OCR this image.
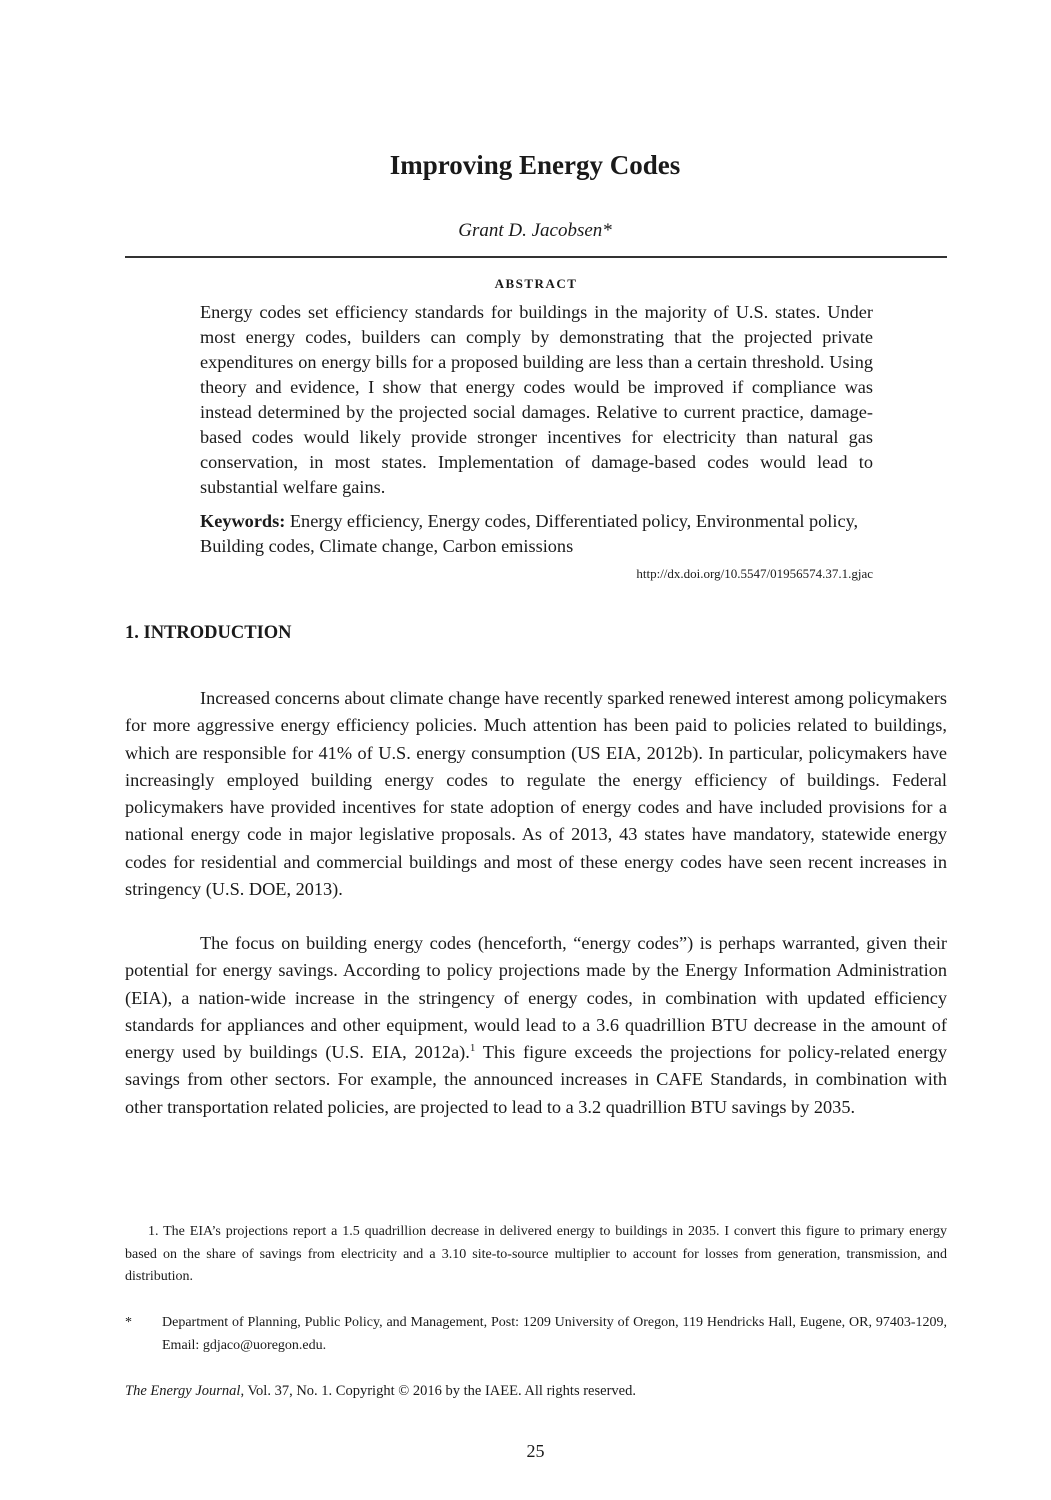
Improving Energy Codes

Grant D. Jacobsen*

ABSTRACT

Energy codes set efficiency standards for buildings in the majority of U.S. states. Under most energy codes, builders can comply by demonstrating that the projected private expenditures on energy bills for a proposed building are less than a certain threshold. Using theory and evidence, I show that energy codes would be improved if compliance was instead determined by the projected social damages. Relative to current practice, damage-based codes would likely provide stronger incentives for electricity than natural gas conservation, in most states. Implementation of damage-based codes would lead to substantial welfare gains.

Keywords: Energy efficiency, Energy codes, Differentiated policy, Environmental policy, Building codes, Climate change, Carbon emissions

http://dx.doi.org/10.5547/01956574.37.1.gjac

1. INTRODUCTION

Increased concerns about climate change have recently sparked renewed interest among policymakers for more aggressive energy efficiency policies. Much attention has been paid to policies related to buildings, which are responsible for 41% of U.S. energy consumption (US EIA, 2012b). In particular, policymakers have increasingly employed building energy codes to regulate the energy efficiency of buildings. Federal policymakers have provided incentives for state adoption of energy codes and have included provisions for a national energy code in major legislative proposals. As of 2013, 43 states have mandatory, statewide energy codes for residential and commercial buildings and most of these energy codes have seen recent increases in stringency (U.S. DOE, 2013).

The focus on building energy codes (henceforth, “energy codes”) is perhaps warranted, given their potential for energy savings. According to policy projections made by the Energy Information Administration (EIA), a nation-wide increase in the stringency of energy codes, in combination with updated efficiency standards for appliances and other equipment, would lead to a 3.6 quadrillion BTU decrease in the amount of energy used by buildings (U.S. EIA, 2012a).$^1$ This figure exceeds the projections for policy-related energy savings from other sectors. For example, the announced increases in CAFE Standards, in combination with other transportation related policies, are projected to lead to a 3.2 quadrillion BTU savings by 2035.

1. The EIA’s projections report a 1.5 quadrillion decrease in delivered energy to buildings in 2035. I convert this figure to primary energy based on the share of savings from electricity and a 3.10 site-to-source multiplier to account for losses from generation, transmission, and distribution.

* Department of Planning, Public Policy, and Management, Post: 1209 University of Oregon, 119 Hendricks Hall, Eugene, OR, 97403-1209, Email: gdjaco@uoregon.edu.

The Energy Journal, Vol. 37, No. 1. Copyright © 2016 by the IAEE. All rights reserved.

25
